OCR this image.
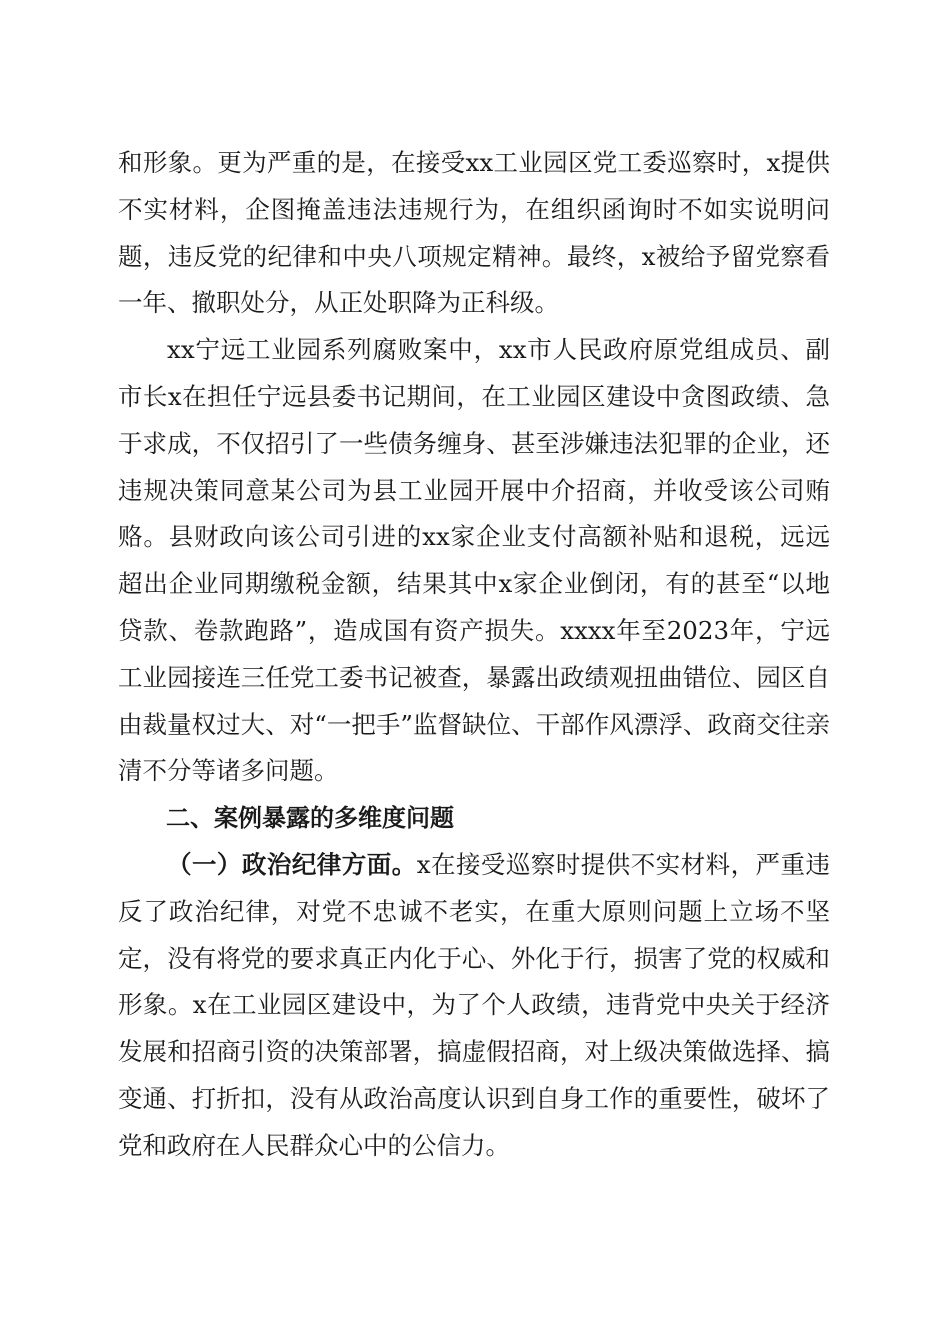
和形象。更为严重的是，在接受xx工业园区党工委巡察时，x提供不实材料，企图掩盖违法违规行为，在组织函询时不如实说明问题，违反党的纪律和中央八项规定精神。最终，x被给予留党察看一年、撤职处分，从正处职降为正科级。

xx宁远工业园系列腐败案中，xx市人民政府原党组成员、副市长x在担任宁远县委书记期间，在工业园区建设中贪图政绩、急于求成，不仅招引了一些债务缠身、甚至涉嫌违法犯罪的企业，还违规决策同意某公司为县工业园开展中介招商，并收受该公司贿赂。县财政向该公司引进的xx家企业支付高额补贴和退税，远远超出企业同期缴税金额，结果其中x家企业倒闭，有的甚至“以地贷款、卷款跑路”，造成国有资产损失。xxxx年至2023年，宁远工业园接连三任党工委书记被查，暴露出政绩观扭曲错位、园区自由裁量权过大、对“一把手”监督缺位、干部作风漂浮、政商交往亲清不分等诸多问题。

二、案例暴露的多维度问题

（一）政治纪律方面。x在接受巡察时提供不实材料，严重违反了政治纪律，对党不忠诚不老实，在重大原则问题上立场不坚定，没有将党的要求真正内化于心、外化于行，损害了党的权威和形象。x在工业园区建设中，为了个人政绩，违背党中央关于经济发展和招商引资的决策部署，搞虚假招商，对上级决策做选择、搞变通、打折扣，没有从政治高度认识到自身工作的重要性，破坏了党和政府在人民群众心中的公信力。
